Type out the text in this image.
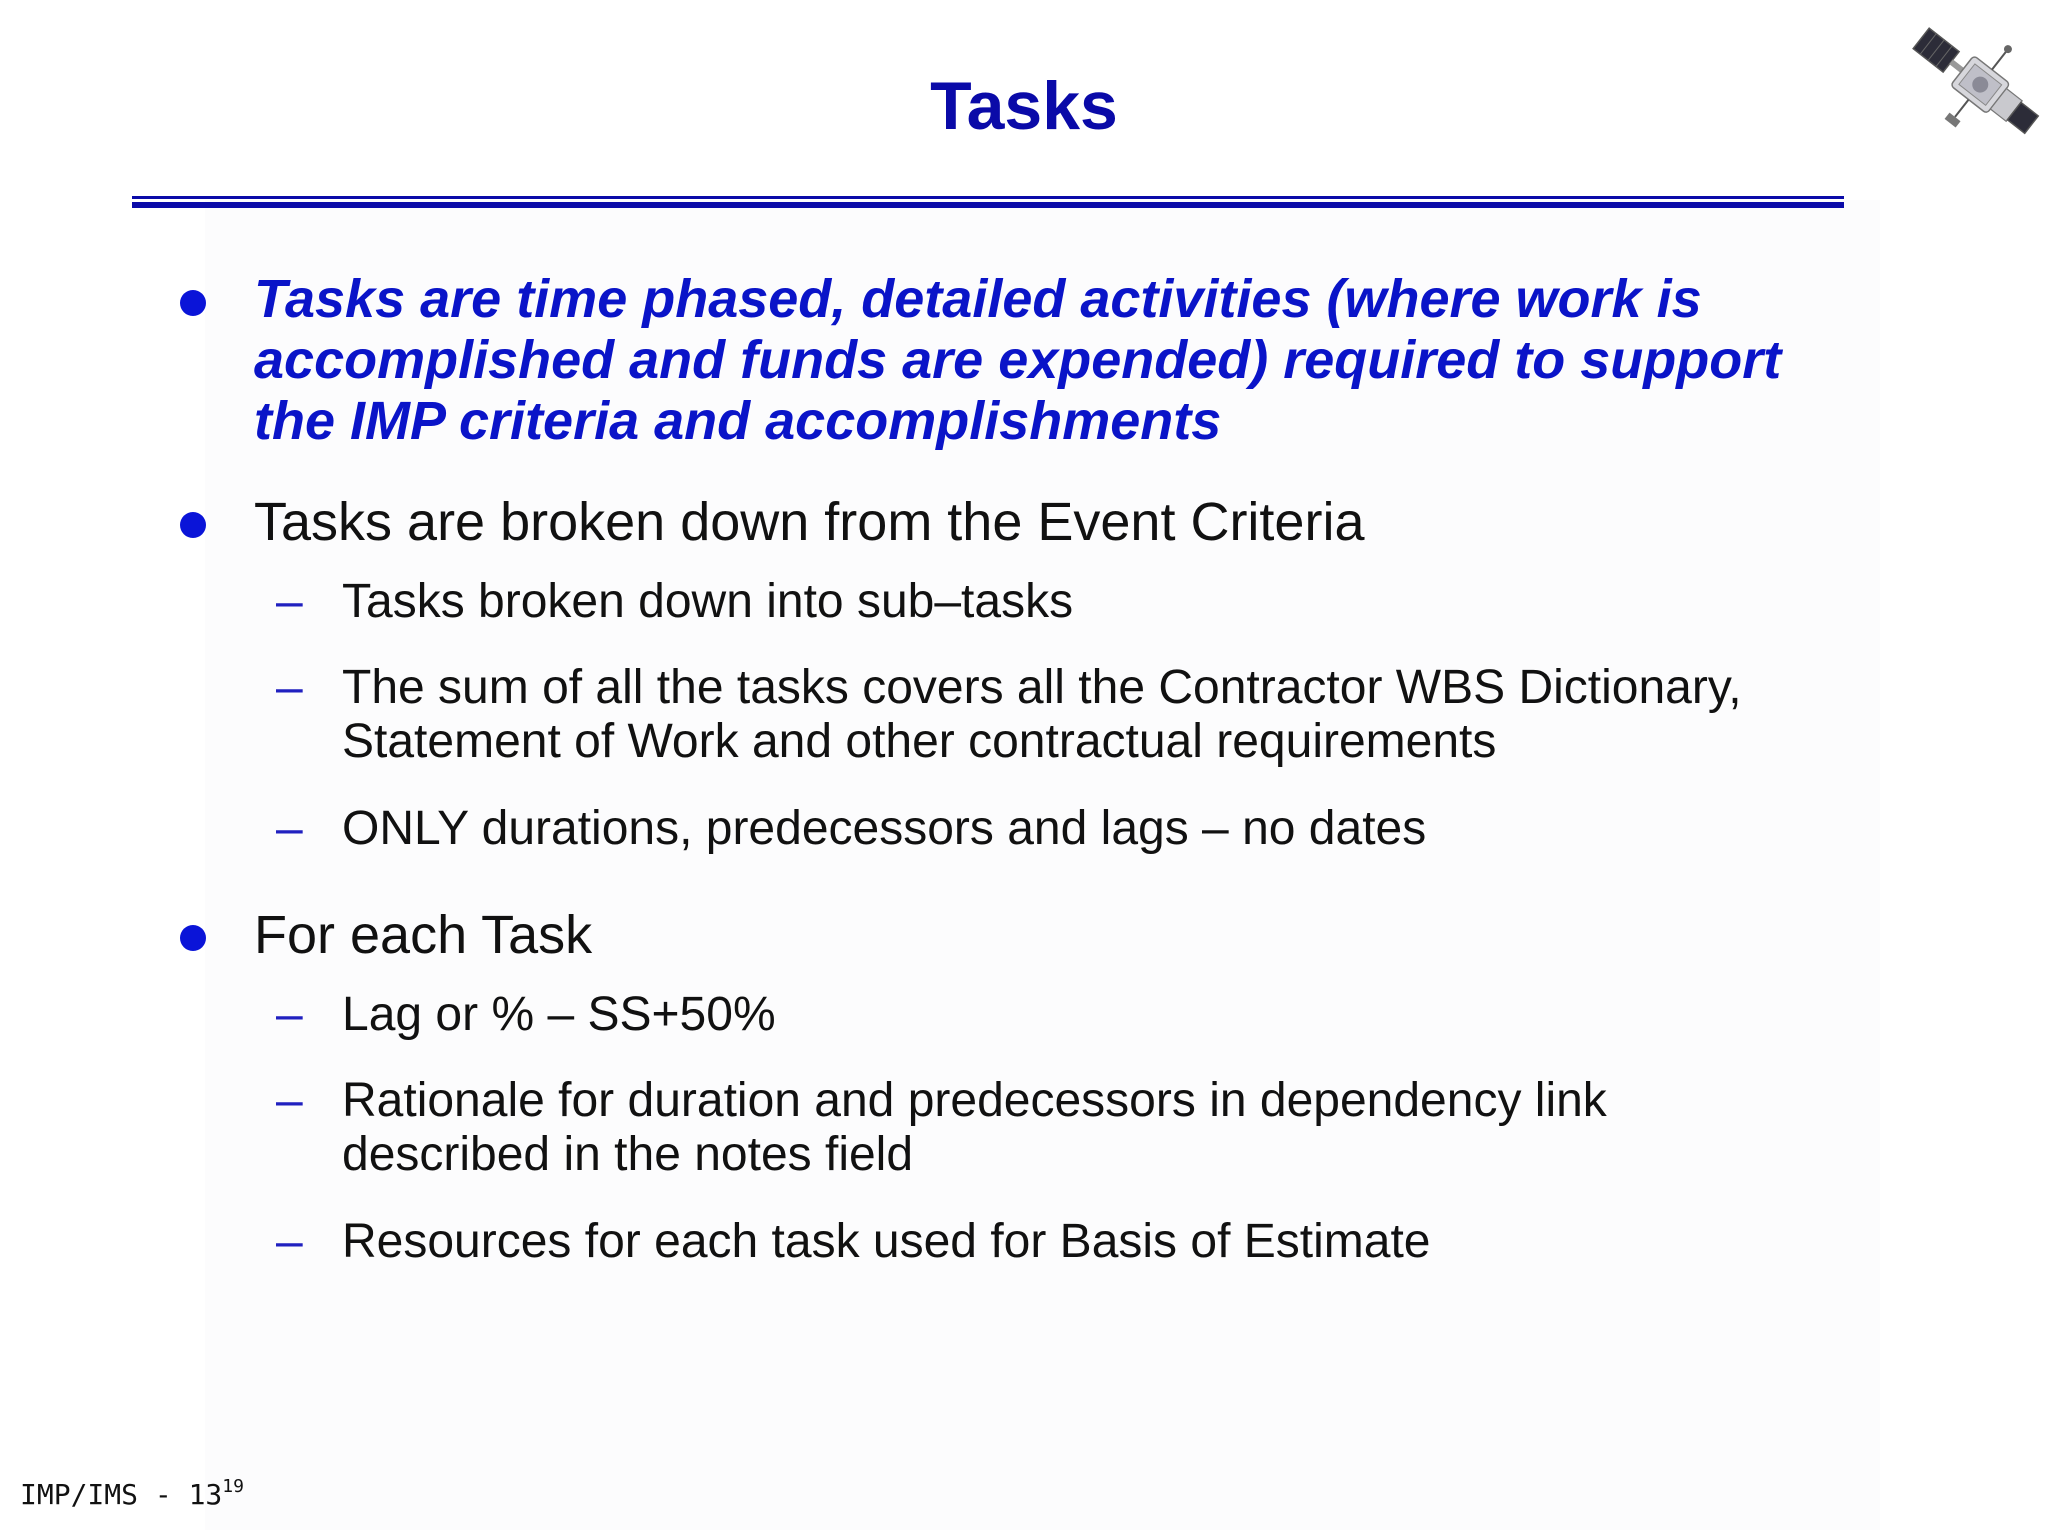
Tasks
Tasks are time phased, detailed activities (where work is
accomplished and funds are expended) required to support
the IMP criteria and accomplishments
Tasks are broken down from the Event Criteria
– Tasks broken down into sub–tasks
– The sum of all the tasks covers all the Contractor WBS Dictionary,
Statement of Work and other contractual requirements
– ONLY durations, predecessors and lags – no dates
For each Task
– Lag or % – SS+50%
– Rationale for duration and predecessors in dependency link
described in the notes field
– Resources for each task used for Basis of Estimate
$IMP/IMS - 13^{19}$
